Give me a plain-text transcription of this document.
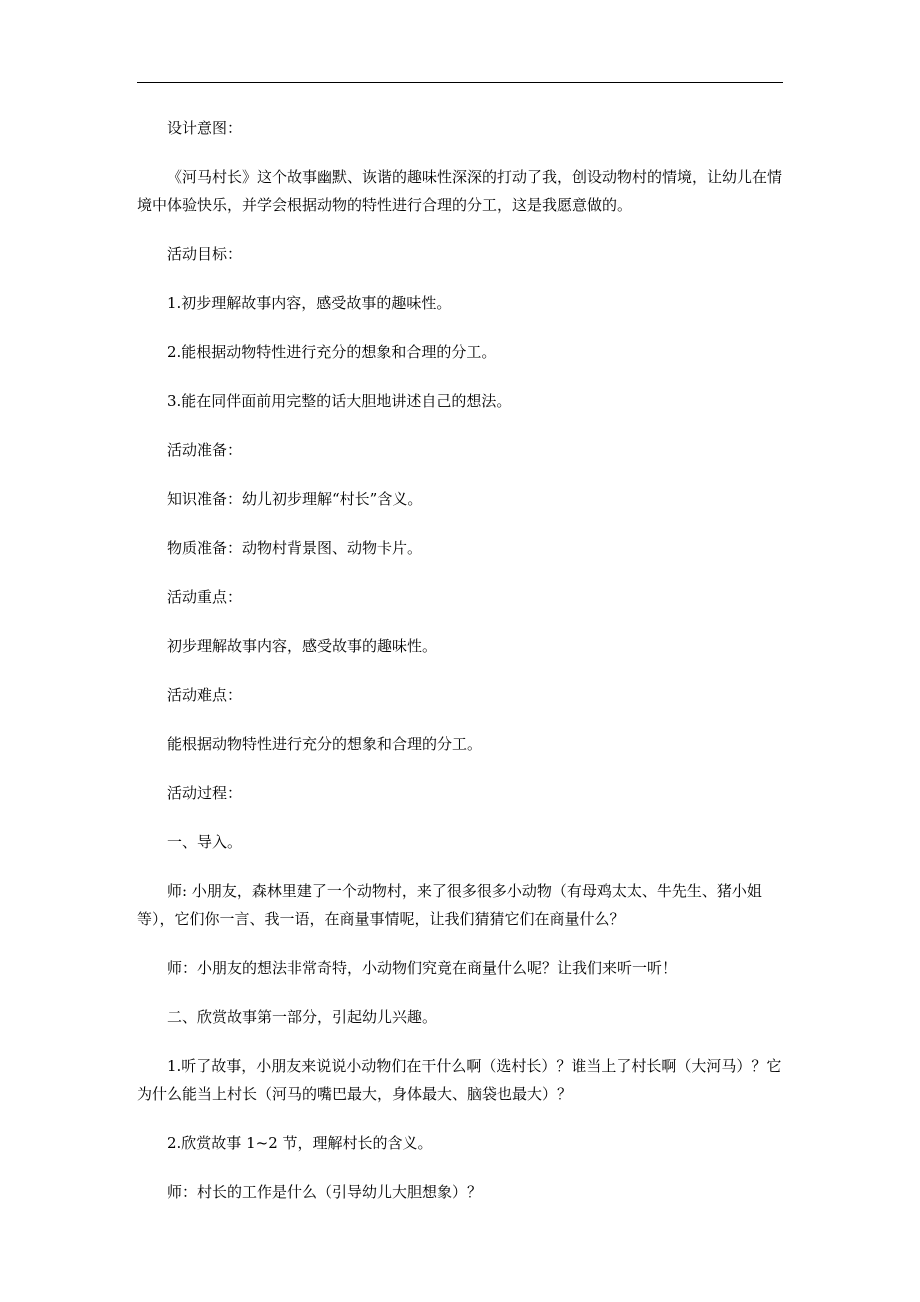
设计意图：

《河马村长》这个故事幽默、诙谐的趣味性深深的打动了我，创设动物村的情境，让幼儿在情境中体验快乐，并学会根据动物的特性进行合理的分工，这是我愿意做的。

活动目标：

1.初步理解故事内容，感受故事的趣味性。

2.能根据动物特性进行充分的想象和合理的分工。

3.能在同伴面前用完整的话大胆地讲述自己的想法。

活动准备：

知识准备：幼儿初步理解“村长”含义。

物质准备：动物村背景图、动物卡片。

活动重点：

初步理解故事内容，感受故事的趣味性。

活动难点：

能根据动物特性进行充分的想象和合理的分工。

活动过程：

一、导入。

师: 小朋友，森林里建了一个动物村，来了很多很多小动物（有母鸡太太、牛先生、猪小姐等），它们你一言、我一语，在商量事情呢，让我们猜猜它们在商量什么？

师：小朋友的想法非常奇特，小动物们究竟在商量什么呢？让我们来听一听！

二、欣赏故事第一部分，引起幼儿兴趣。

1.听了故事，小朋友来说说小动物们在干什么啊（选村长）？谁当上了村长啊（大河马）？它为什么能当上村长（河马的嘴巴最大，身体最大、脑袋也最大）？

2.欣赏故事 1~2 节，理解村长的含义。

师：村长的工作是什么（引导幼儿大胆想象）？
